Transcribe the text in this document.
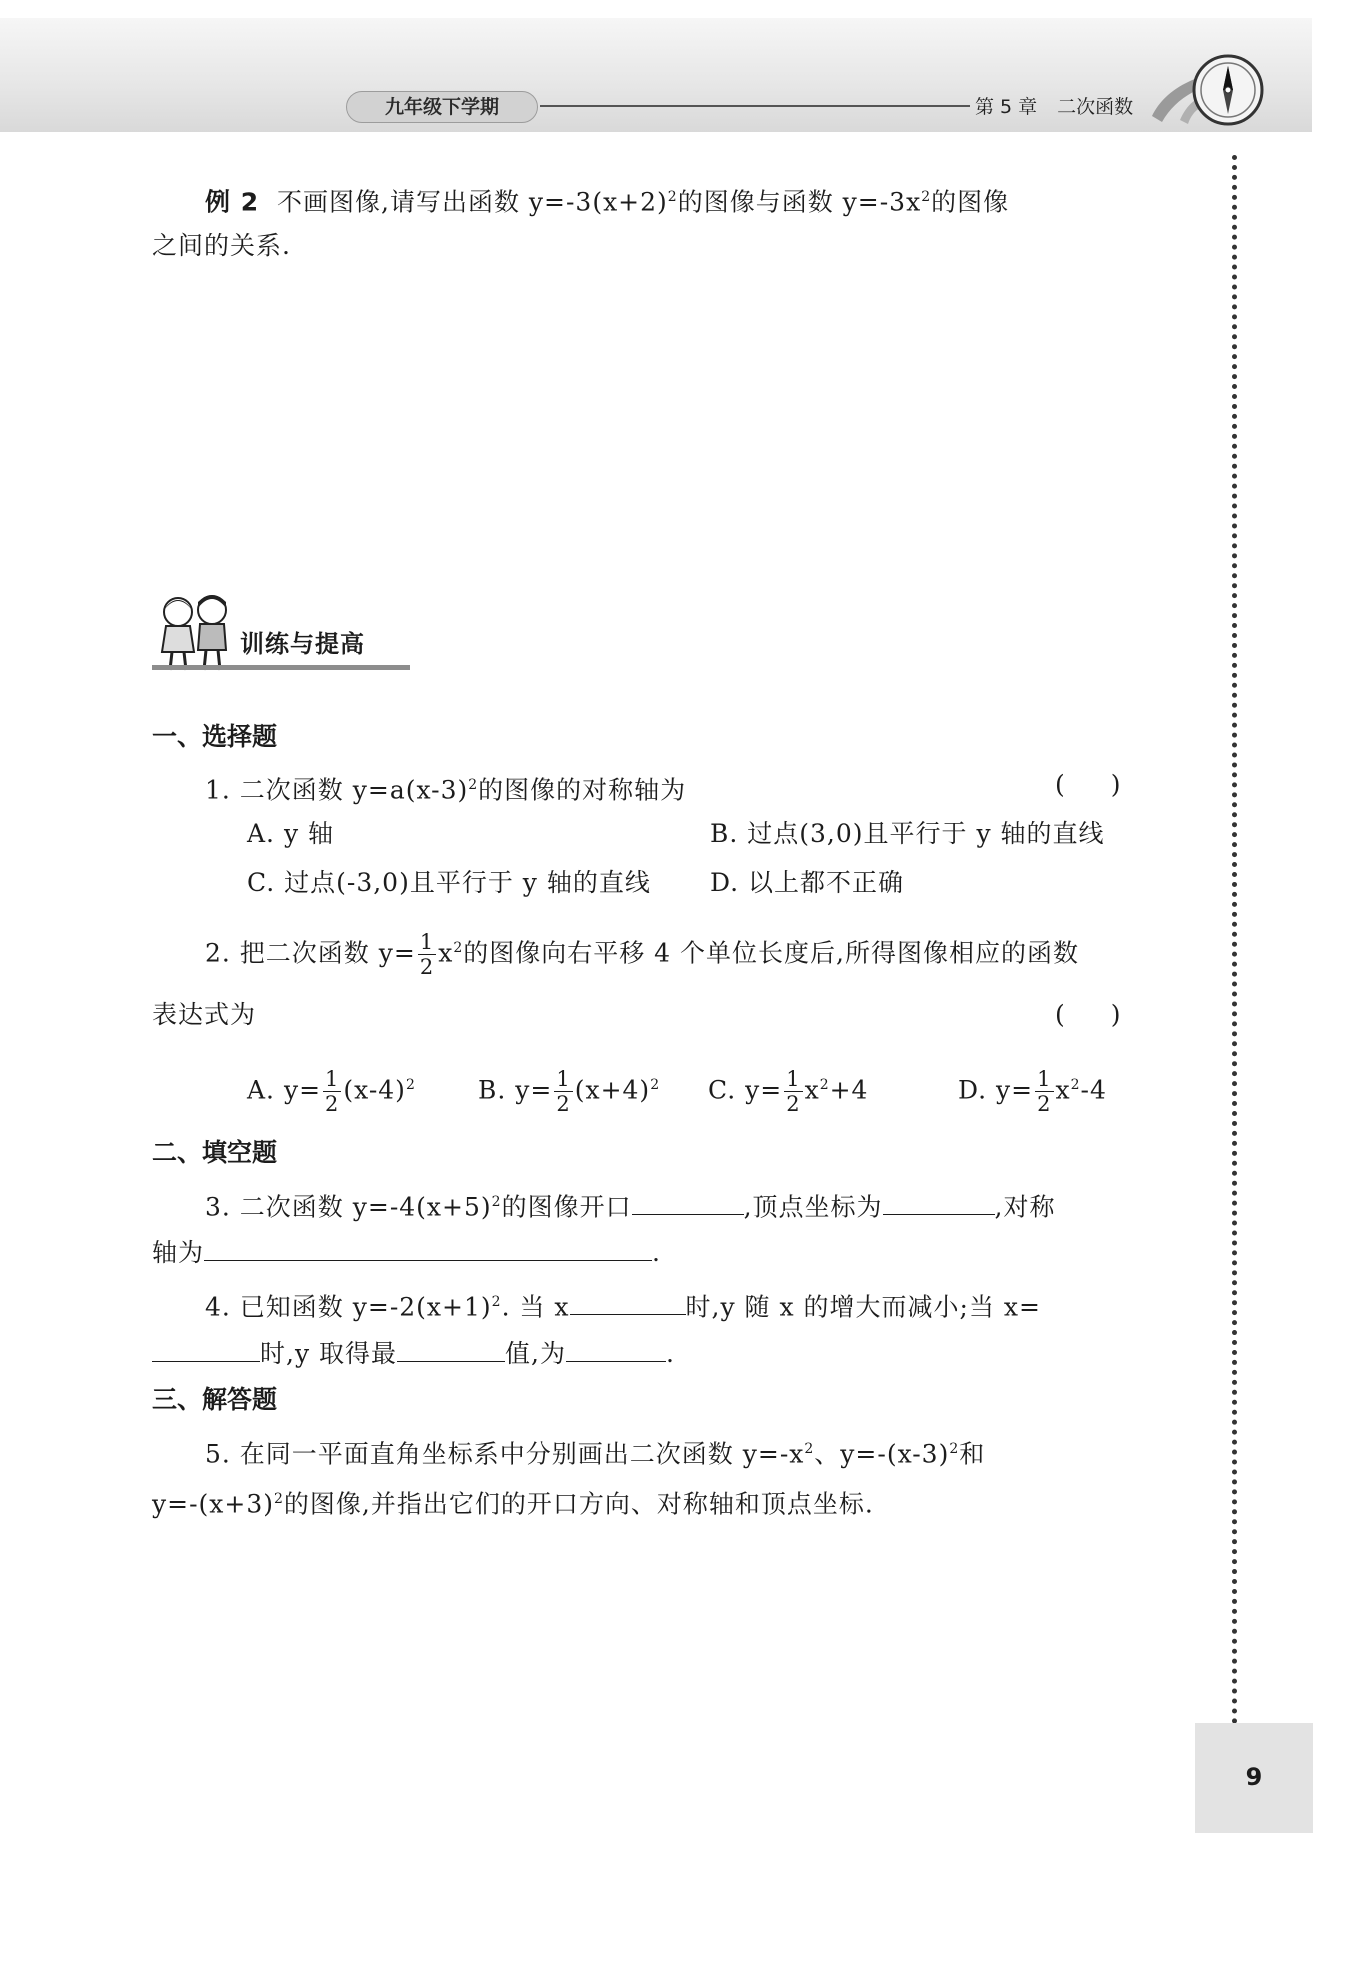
九年级下学期	第 5 章 二次函数
9
例 2 不画图像,请写出函数 $y=-3(x+2)^2$的图像与函数 $y=-3x^2$的图像
之间的关系.
训练与提高
一、选择题
1. 二次函数 $y=a(x-3)^2$的图像的对称轴为	( )
A. y 轴	B. 过点(3,0)且平行于 y 轴的直线
C. 过点(-3,0)且平行于 y 轴的直线 D. 以上都不正确
2. 把二次函数 $y= \frac{1}{2} x^2$的图像向右平移 4 个单位长度后,所得图像相应的函数
表达式为	( )
A. $y= \frac{1}{2} (x-4)^2$ B. $y= \frac{1}{2} (x+4)^2$ C. $y= \frac{1}{2} x^2+4$	D. $y= \frac{1}{2} x^2-4$
二、填空题
3. 二次函数 $y=-4(x+5)^2$的图像开口	,顶点坐标为	,对称
轴为	.
4. 已知函数 $y=-2(x+1)^2$. 当 x	时,y 随 x 的增大而减小;当 x=
时,y 取得最	值,为	.
三、解答题
5. 在同一平面直角坐标系中分别画出二次函数 $y=-x^2$、$y=-(x-3)^2$和
$y=-(x+3)^2$的图像,并指出它们的开口方向、对称轴和顶点坐标.
